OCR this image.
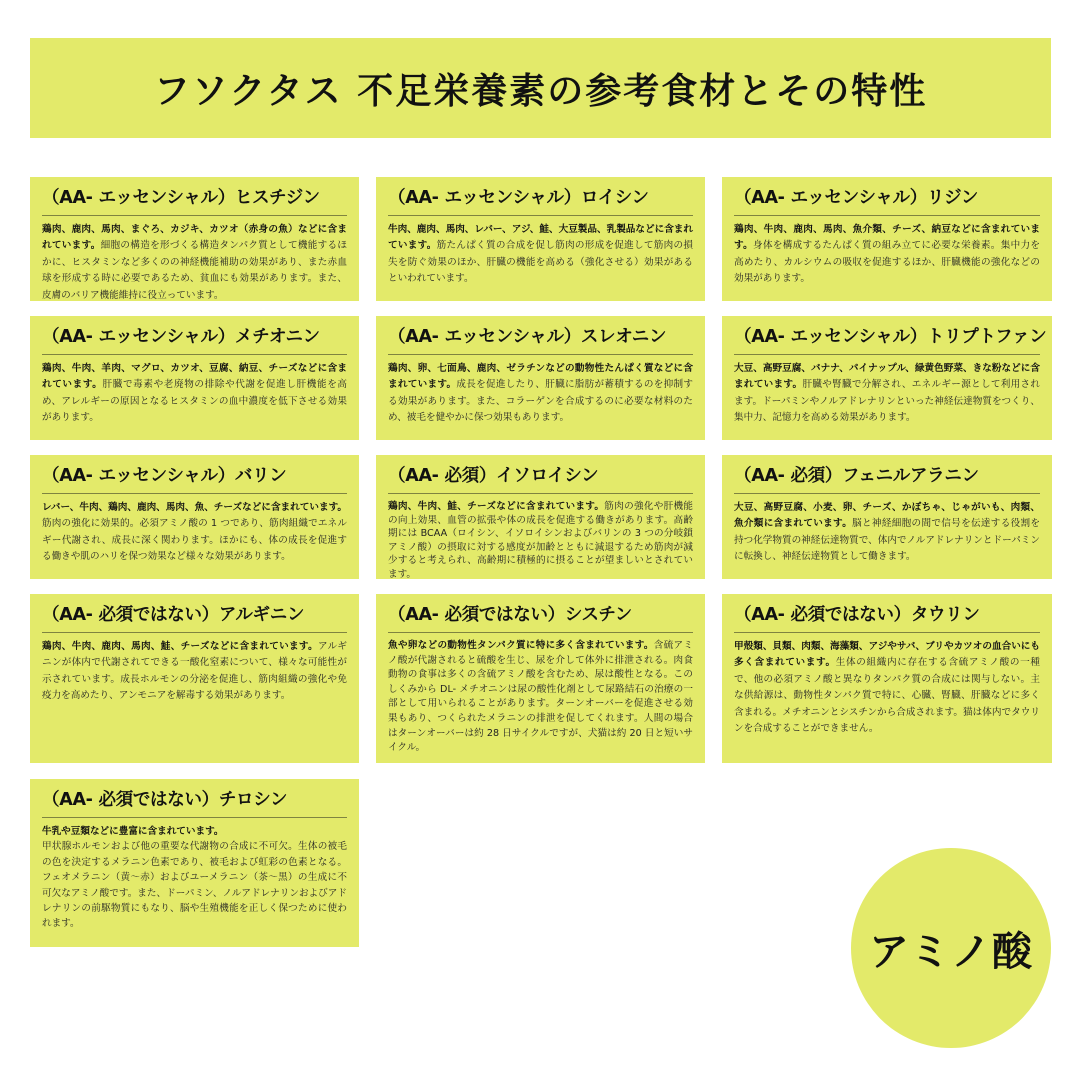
フソクタス 不足栄養素の参考食材とその特性
（AA- エッセンシャル）ヒスチジン
鶏肉、鹿肉、馬肉、まぐろ、カジキ、カツオ（赤身の魚）などに含まれています。細胞の構造を形づくる構造タンパク質として機能するほかに、ヒスタミンなど多くのの神経機能補助の効果があり、また赤血球を形成する時に必要であるため、貧血にも効果があります。また、皮膚のバリア機能維持に役立っています。
（AA- エッセンシャル）ロイシン
牛肉、鹿肉、馬肉、レバー、アジ、鮭、大豆製品、乳製品などに含まれています。筋たんぱく質の合成を促し筋肉の形成を促進して筋肉の損失を防ぐ効果のほか、肝臓の機能を高める（強化させる）効果があるといわれています。
（AA- エッセンシャル）リジン
鶏肉、牛肉、鹿肉、馬肉、魚介類、チーズ、納豆などに含まれています。身体を構成するたんぱく質の組み立てに必要な栄養素。集中力を高めたり、カルシウムの吸収を促進するほか、肝臓機能の強化などの効果があります。
（AA- エッセンシャル）メチオニン
鶏肉、牛肉、羊肉、マグロ、カツオ、豆腐、納豆、チーズなどに含まれています。肝臓で毒素や老廃物の排除や代謝を促進し肝機能を高め、アレルギーの原因となるヒスタミンの血中濃度を低下させる効果があります。
（AA- エッセンシャル）スレオニン
鶏肉、卵、七面鳥、鹿肉、ゼラチンなどの動物性たんぱく質などに含まれています。成長を促進したり、肝臓に脂肪が蓄積するのを抑制する効果があります。また、コラーゲンを合成するのに必要な材料のため、被毛を健やかに保つ効果もあります。
（AA- エッセンシャル）トリプトファン
大豆、高野豆腐、バナナ、パイナップル、緑黄色野菜、きな粉などに含まれています。肝臓や腎臓で分解され、エネルギー源として利用されます。ドーパミンやノルアドレナリンといった神経伝達物質をつくり、集中力、記憶力を高める効果があります。
（AA- エッセンシャル）バリン
レバー、牛肉、鶏肉、鹿肉、馬肉、魚、チーズなどに含まれています。筋肉の強化に効果的。必須アミノ酸の 1 つであり、筋肉組織でエネルギー代謝され、成長に深く関わります。ほかにも、体の成長を促進する働きや肌のハリを保つ効果など様々な効果があります。
（AA- 必須）イソロイシン
鶏肉、牛肉、鮭、チーズなどに含まれています。筋肉の強化や肝機能の向上効果、血管の拡張や体の成長を促進する働きがあります。高齢期には BCAA（ロイシン、イソロイシンおよびバリンの 3 つの分岐鎖アミノ酸）の摂取に対する感度が加齢とともに減退するため筋肉が減少すると考えられ、高齢期に積極的に摂ることが望ましいとされています。
（AA- 必須）フェニルアラニン
大豆、高野豆腐、小麦、卵、チーズ、かぼちゃ、じゃがいも、肉類、魚介類に含まれています。脳と神経細胞の間で信号を伝達する役割を持つ化学物質の神経伝達物質で、体内でノルアドレナリンとドーパミンに転換し、神経伝達物質として働きます。
（AA- 必須ではない）アルギニン
鶏肉、牛肉、鹿肉、馬肉、鮭、チーズなどに含まれています。アルギニンが体内で代謝されてできる一酸化窒素について、様々な可能性が示されています。成長ホルモンの分泌を促進し、筋肉組織の強化や免疫力を高めたり、アンモニアを解毒する効果があります。
（AA- 必須ではない）シスチン
魚や卵などの動物性タンパク質に特に多く含まれています。含硫アミノ酸が代謝されると硫酸を生じ、尿を介して体外に排泄される。肉食動物の食事は多くの含硫アミノ酸を含むため、尿は酸性となる。このしくみから DL- メチオニンは尿の酸性化剤として尿路結石の治療の一部として用いられることがあります。ターンオーバーを促進させる効果もあり、つくられたメラニンの排泄を促してくれます。人間の場合はターンオーバーは約 28 日サイクルですが、犬猫は約 20 日と短いサイクル。
（AA- 必須ではない）タウリン
甲殻類、貝類、肉類、海藻類、アジやサバ、ブリやカツオの血合いにも多く含まれています。生体の組織内に存在する含硫アミノ酸の一種で、他の必須アミノ酸と異なりタンパク質の合成には関与しない。主な供給源は、動物性タンパク質で特に、心臓、腎臓、肝臓などに多く含まれる。メチオニンとシスチンから合成されます。猫は体内でタウリンを合成することができません。
（AA- 必須ではない）チロシン
牛乳や豆類などに豊富に含まれています。
甲状腺ホルモンおよび他の重要な代謝物の合成に不可欠。生体の被毛の色を決定するメラニン色素であり、被毛および虹彩の色素となる。フェオメラニン（黄〜赤）およびユーメラニン（茶〜黒）の生成に不可欠なアミノ酸です。また、ドーパミン、ノルアドレナリンおよびアドレナリンの前駆物質にもなり、脳や生殖機能を正しく保つために使われます。
アミノ酸
